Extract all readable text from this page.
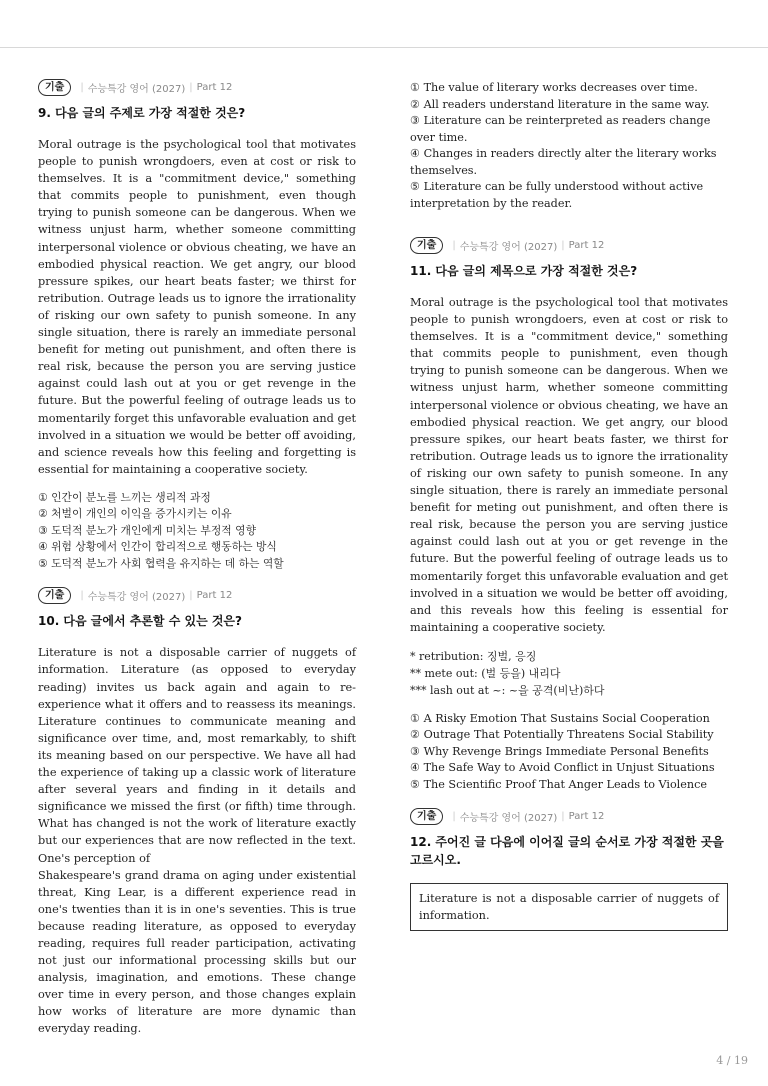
기출	| 수능특강 영어 (2027) | Part 12
9. 다음 글의 주제로 가장 적절한 것은?

Moral outrage is the psychological tool that motivates people to punish wrongdoers, even at cost or risk to themselves. It is a "commitment device," something that commits people to punishment, even though trying to punish someone can be dangerous. When we witness unjust harm, whether someone committing interpersonal violence or obvious cheating, we have an embodied physical reaction. We get angry, our blood pressure spikes, our heart beats faster; we thirst for retribution. Outrage leads us to ignore the irrationality of risking our own safety to punish someone. In any single situation, there is rarely an immediate personal benefit for meting out punishment, and often there is real risk, because the person you are serving justice against could lash out at you or get revenge in the future. But the powerful feeling of outrage leads us to momentarily forget this unfavorable evaluation and get involved in a situation we would be better off avoiding, and science reveals how this feeling and forgetting is essential for maintaining a cooperative society.

① 인간이 분노를 느끼는 생리적 과정
② 처벌이 개인의 이익을 증가시키는 이유
③ 도덕적 분노가 개인에게 미치는 부정적 영향
④ 위험 상황에서 인간이 합리적으로 행동하는 방식
⑤ 도덕적 분노가 사회 협력을 유지하는 데 하는 역할
기출	| 수능특강 영어 (2027) | Part 12
10. 다음 글에서 추론할 수 있는 것은?

Literature is not a disposable carrier of nuggets of information. Literature (as opposed to everyday reading) invites us back again and again to re-experience what it offers and to reassess its meanings. Literature continues to communicate meaning and significance over time, and, most remarkably, to shift its meaning based on our perspective. We have all had the experience of taking up a classic work of literature after several years and finding in it details and significance we missed the first (or fifth) time through. What has changed is not the work of literature exactly but our experiences that are now reflected in the text. One's perception of

Shakespeare's grand drama on aging under existential threat, King Lear, is a different experience read in one's twenties than it is in one's seventies. This is true because reading literature, as opposed to everyday reading, requires full reader participation, activating not just our informational processing skills but our analysis, imagination, and emotions. These change over time in every person, and those changes explain how works of literature are more dynamic than everyday reading.

① The value of literary works decreases over time.
② All readers understand literature in the same way.
③ Literature can be reinterpreted as readers change over time.
④ Changes in readers directly alter the literary works themselves.
⑤ Literature can be fully understood without active interpretation by the reader.
기출	| 수능특강 영어 (2027) | Part 12
11. 다음 글의 제목으로 가장 적절한 것은?

Moral outrage is the psychological tool that motivates people to punish wrongdoers, even at cost or risk to themselves. It is a "commitment device," something that commits people to punishment, even though trying to punish someone can be dangerous. When we witness unjust harm, whether someone committing interpersonal violence or obvious cheating, we have an embodied physical reaction. We get angry, our blood pressure spikes, our heart beats faster, we thirst for retribution. Outrage leads us to ignore the irrationality of risking our own safety to punish someone. In any single situation, there is rarely an immediate personal benefit for meting out punishment, and often there is real risk, because the person you are serving justice against could lash out at you or get revenge in the future. But the powerful feeling of outrage leads us to momentarily forget this unfavorable evaluation and get involved in a situation we would be better off avoiding, and this reveals how this feeling is essential for maintaining a cooperative society.

* retribution: 징벌, 응징
** mete out: (벌 등을) 내리다
*** lash out at ~: ~을 공격(비난)하다
① A Risky Emotion That Sustains Social Cooperation
② Outrage That Potentially Threatens Social Stability
③ Why Revenge Brings Immediate Personal Benefits
④ The Safe Way to Avoid Conflict in Unjust Situations
⑤ The Scientific Proof That Anger Leads to Violence
기출	| 수능특강 영어 (2027) | Part 12
12. 주어진 글 다음에 이어질 글의 순서로 가장 적절한 곳을 고르시오.
Literature is not a disposable carrier of nuggets of information.
4 / 19
